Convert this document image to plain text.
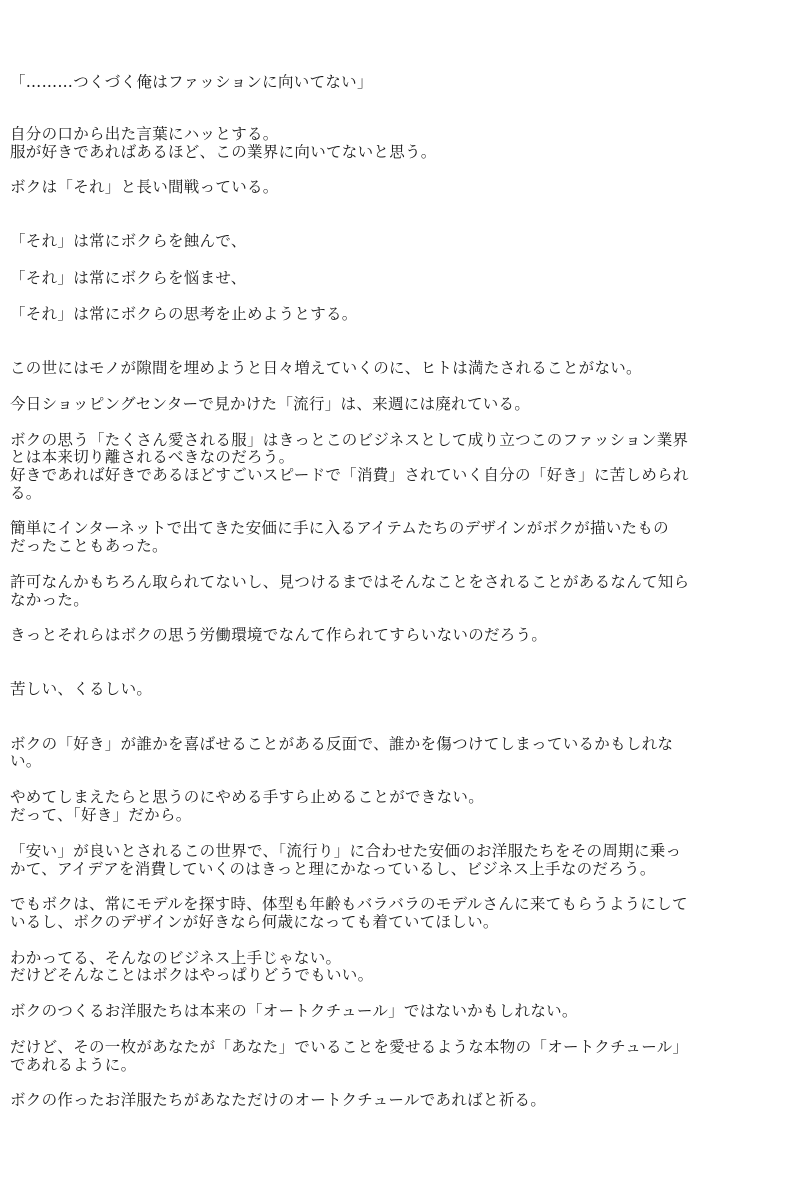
「………つくづく俺はファッションに向いてない」
自分の口から出た言葉にハッとする。
服が好きであればあるほど、この業界に向いてないと思う。
ボクは「それ」と長い間戦っている。
「それ」は常にボクらを蝕んで、
「それ」は常にボクらを悩ませ、
「それ」は常にボクらの思考を止めようとする。
この世にはモノが隙間を埋めようと日々増えていくのに、ヒトは満たされることがない。
今日ショッピングセンターで見かけた「流行」は、来週には廃れている。
ボクの思う「たくさん愛される服」はきっとこのビジネスとして成り立つこのファッション業界
とは本来切り離されるべきなのだろう。
好きであれば好きであるほどすごいスピードで「消費」されていく自分の「好き」に苦しめられ
る。
簡単にインターネットで出てきた安価に手に入るアイテムたちのデザインがボクが描いたもの
だったこともあった。
許可なんかもちろん取られてないし、見つけるまではそんなことをされることがあるなんて知ら
なかった。
きっとそれらはボクの思う労働環境でなんて作られてすらいないのだろう。
苦しい、くるしい。
ボクの「好き」が誰かを喜ばせることがある反面で、誰かを傷つけてしまっているかもしれな
い。
やめてしまえたらと思うのにやめる手すら止めることができない。
だって、「好き」だから。
「安い」が良いとされるこの世界で、「流行り」に合わせた安価のお洋服たちをその周期に乗っ
かて、アイデアを消費していくのはきっと理にかなっているし、ビジネス上手なのだろう。
でもボクは、常にモデルを探す時、体型も年齢もバラバラのモデルさんに来てもらうようにして
いるし、ボクのデザインが好きなら何歳になっても着ていてほしい。
わかってる、そんなのビジネス上手じゃない。
だけどそんなことはボクはやっぱりどうでもいい。
ボクのつくるお洋服たちは本来の「オートクチュール」ではないかもしれない。
だけど、その一枚があなたが「あなた」でいることを愛せるような本物の「オートクチュール」
であれるように。
ボクの作ったお洋服たちがあなただけのオートクチュールであればと祈る。
